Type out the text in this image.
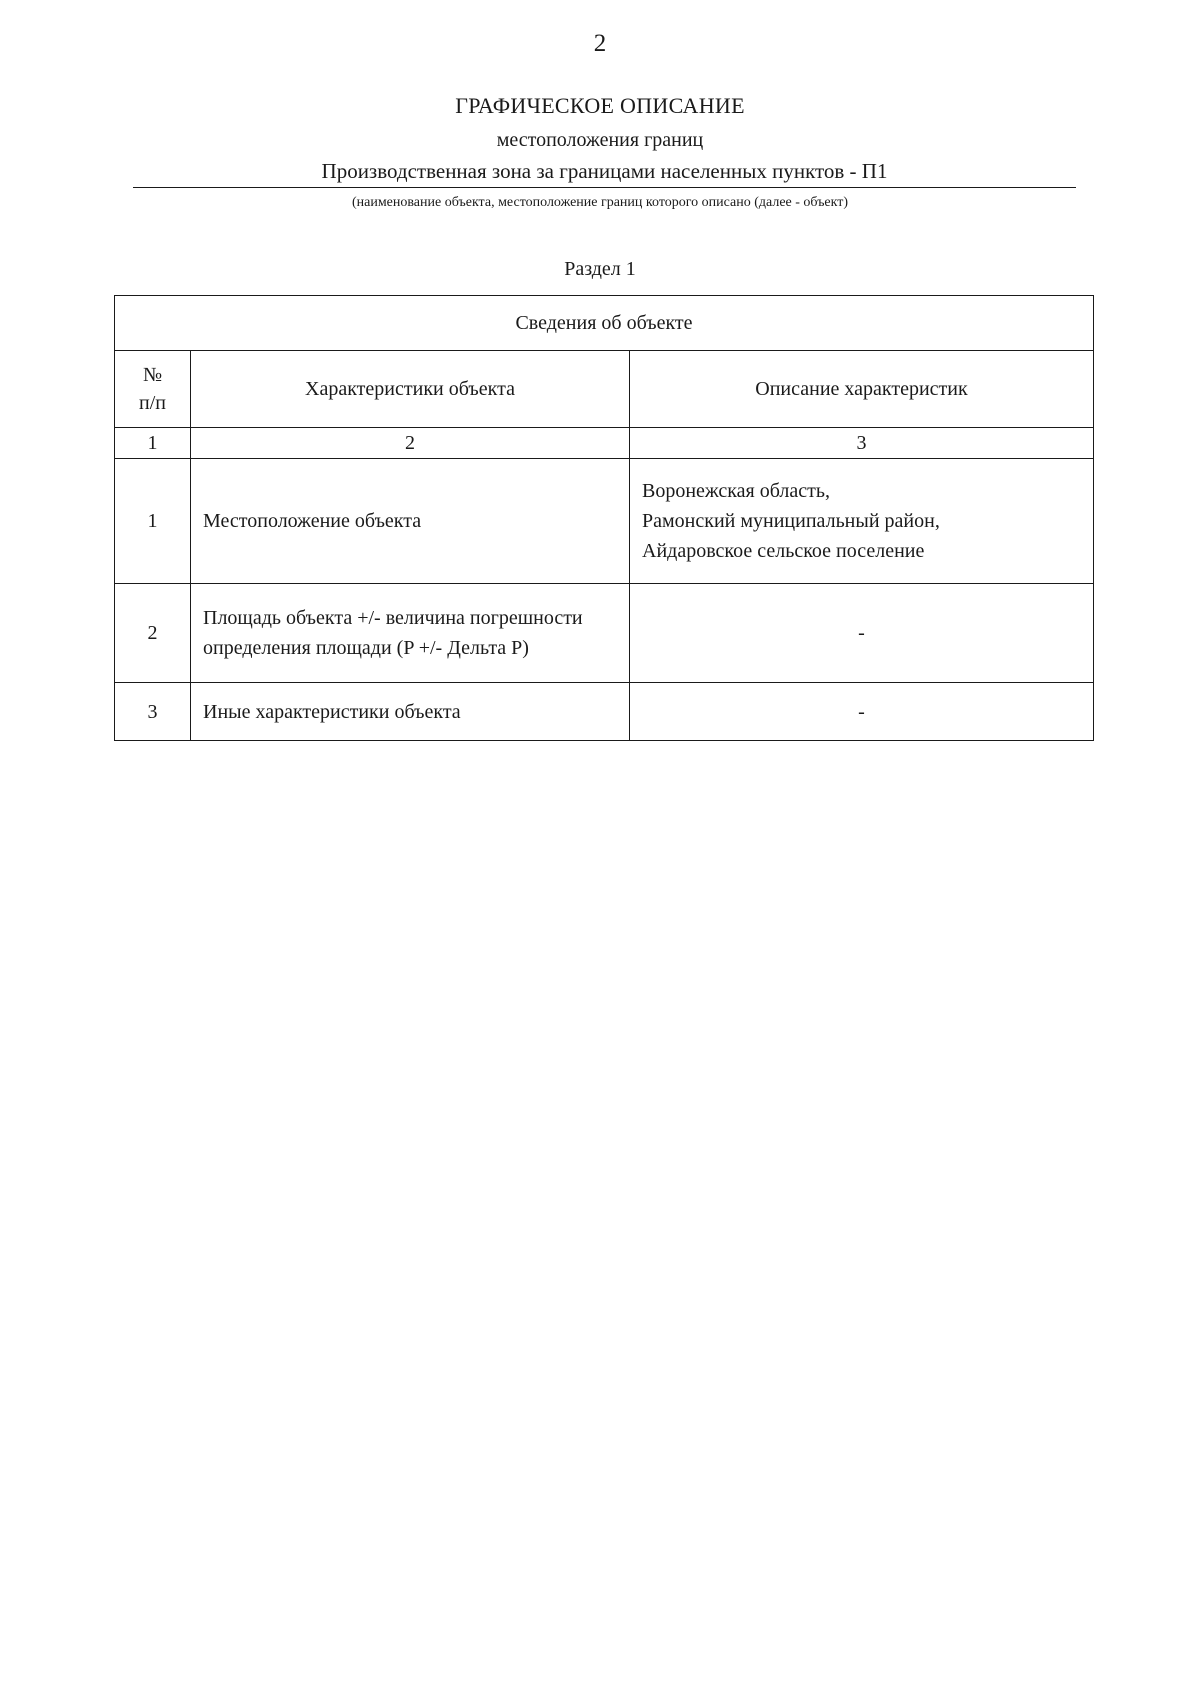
2
ГРАФИЧЕСКОЕ ОПИСАНИЕ
местоположения границ
Производственная зона за границами населенных пунктов - П1
(наименование объекта, местоположение границ которого описано (далее - объект)
Раздел 1
Сведения об объекте		
№
п/п	Характеристики объекта	Описание характеристик
1	2	3
1	Местоположение объекта	Воронежская область,
Рамонский муниципальный район,
Айдаровское сельское поселение
2	Площадь объекта +/- величина погрешности определения площади (P +/- Дельта P)	-
3	Иные характеристики объекта	-
